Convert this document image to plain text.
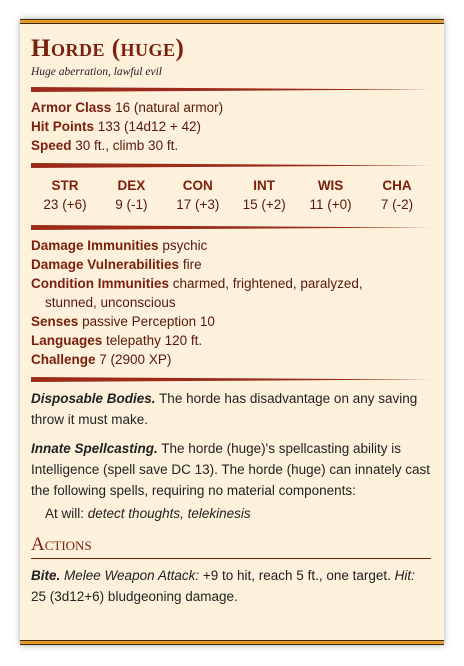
Horde (huge)
Huge aberration, lawful evil
Armor Class 16 (natural armor)
Hit Points 133 (14d12 + 42)
Speed 30 ft., climb 30 ft.
STR
23 (+6)
DEX
9 (-1)
CON
17 (+3)
INT
15 (+2)
WIS
11 (+0)
CHA
7 (-2)
Damage Immunities psychic
Damage Vulnerabilities fire
Condition Immunities charmed, frightened, paralyzed,
stunned, unconscious
Senses passive Perception 10
Languages telepathy 120 ft.
Challenge 7 (2900 XP)
Disposable Bodies. The horde has disadvantage on any saving throw it must make.
Innate Spellcasting. The horde (huge)'s spellcasting ability is Intelligence (spell save DC 13). The horde (huge) can innately cast the following spells, requiring no material components:
At will: detect thoughts, telekinesis
Actions
Bite. Melee Weapon Attack: +9 to hit, reach 5 ft., one target. Hit: 25 (3d12+6) bludgeoning damage.
